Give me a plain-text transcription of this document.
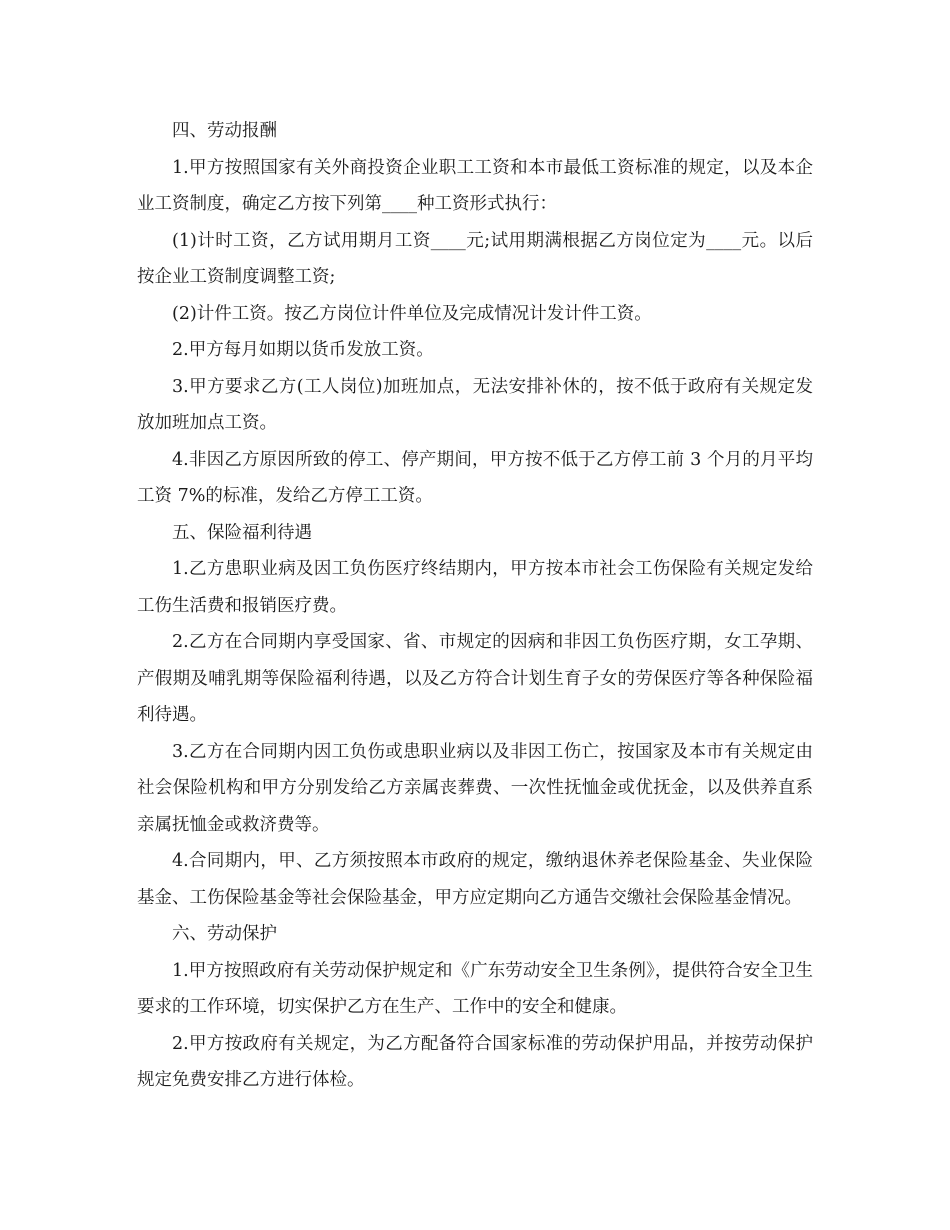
四、劳动报酬

1.甲方按照国家有关外商投资企业职工工资和本市最低工资标准的规定，以及本企业工资制度，确定乙方按下列第____种工资形式执行：

(1)计时工资，乙方试用期月工资____元;试用期满根据乙方岗位定为____元。以后按企业工资制度调整工资;

(2)计件工资。按乙方岗位计件单位及完成情况计发计件工资。

2.甲方每月如期以货币发放工资。

3.甲方要求乙方(工人岗位)加班加点，无法安排补休的，按不低于政府有关规定发放加班加点工资。

4.非因乙方原因所致的停工、停产期间，甲方按不低于乙方停工前 3 个月的月平均工资 7%的标准，发给乙方停工工资。

五、保险福利待遇

1.乙方患职业病及因工负伤医疗终结期内，甲方按本市社会工伤保险有关规定发给工伤生活费和报销医疗费。

2.乙方在合同期内享受国家、省、市规定的因病和非因工负伤医疗期，女工孕期、产假期及哺乳期等保险福利待遇，以及乙方符合计划生育子女的劳保医疗等各种保险福利待遇。

3.乙方在合同期内因工负伤或患职业病以及非因工伤亡，按国家及本市有关规定由社会保险机构和甲方分别发给乙方亲属丧葬费、一次性抚恤金或优抚金，以及供养直系亲属抚恤金或救济费等。

4.合同期内，甲、乙方须按照本市政府的规定，缴纳退休养老保险基金、失业保险基金、工伤保险基金等社会保险基金，甲方应定期向乙方通告交缴社会保险基金情况。

六、劳动保护

1.甲方按照政府有关劳动保护规定和《广东劳动安全卫生条例》，提供符合安全卫生要求的工作环境，切实保护乙方在生产、工作中的安全和健康。

2.甲方按政府有关规定，为乙方配备符合国家标准的劳动保护用品，并按劳动保护规定免费安排乙方进行体检。
